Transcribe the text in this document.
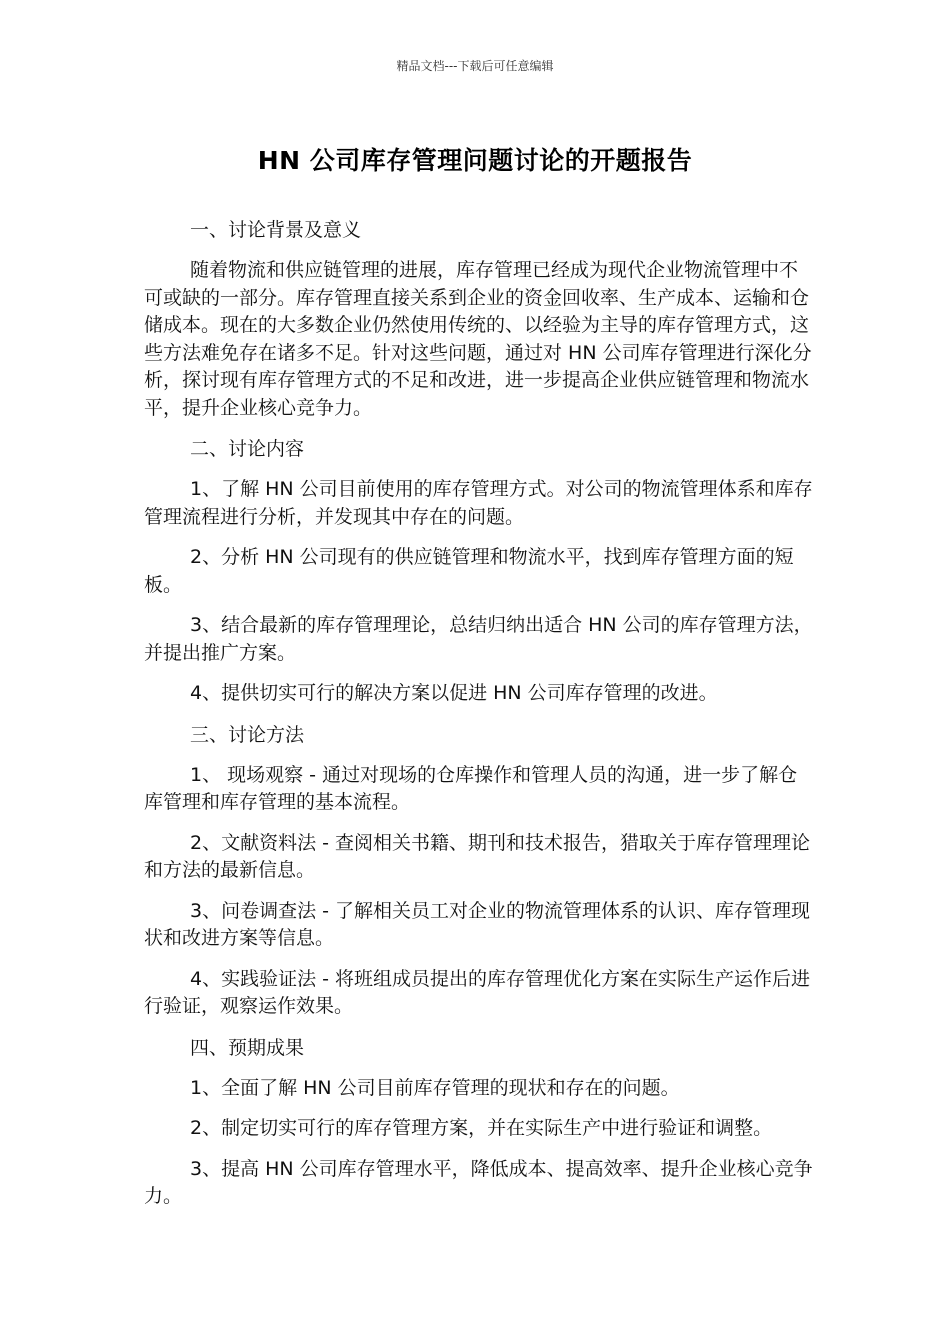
精品文档---下载后可任意编辑
HN 公司库存管理问题讨论的开题报告
一、讨论背景及意义
随着物流和供应链管理的进展，库存管理已经成为现代企业物流管理中不可或缺的一部分。库存管理直接关系到企业的资金回收率、生产成本、运输和仓储成本。现在的大多数企业仍然使用传统的、以经验为主导的库存管理方式，这些方法难免存在诸多不足。针对这些问题，通过对 HN 公司库存管理进行深化分析，探讨现有库存管理方式的不足和改进，进一步提高企业供应链管理和物流水平，提升企业核心竞争力。
二、讨论内容
1、了解 HN 公司目前使用的库存管理方式。对公司的物流管理体系和库存管理流程进行分析，并发现其中存在的问题。
2、分析 HN 公司现有的供应链管理和物流水平，找到库存管理方面的短板。
3、结合最新的库存管理理论，总结归纳出适合 HN 公司的库存管理方法，并提出推广方案。
4、提供切实可行的解决方案以促进 HN 公司库存管理的改进。
三、讨论方法
1、 现场观察 - 通过对现场的仓库操作和管理人员的沟通，进一步了解仓库管理和库存管理的基本流程。
2、文献资料法 - 查阅相关书籍、期刊和技术报告，猎取关于库存管理理论和方法的最新信息。
3、问卷调查法 - 了解相关员工对企业的物流管理体系的认识、库存管理现状和改进方案等信息。
4、实践验证法 - 将班组成员提出的库存管理优化方案在实际生产运作后进行验证，观察运作效果。
四、预期成果
1、全面了解 HN 公司目前库存管理的现状和存在的问题。
2、制定切实可行的库存管理方案，并在实际生产中进行验证和调整。
3、提高 HN 公司库存管理水平，降低成本、提高效率、提升企业核心竞争力。
